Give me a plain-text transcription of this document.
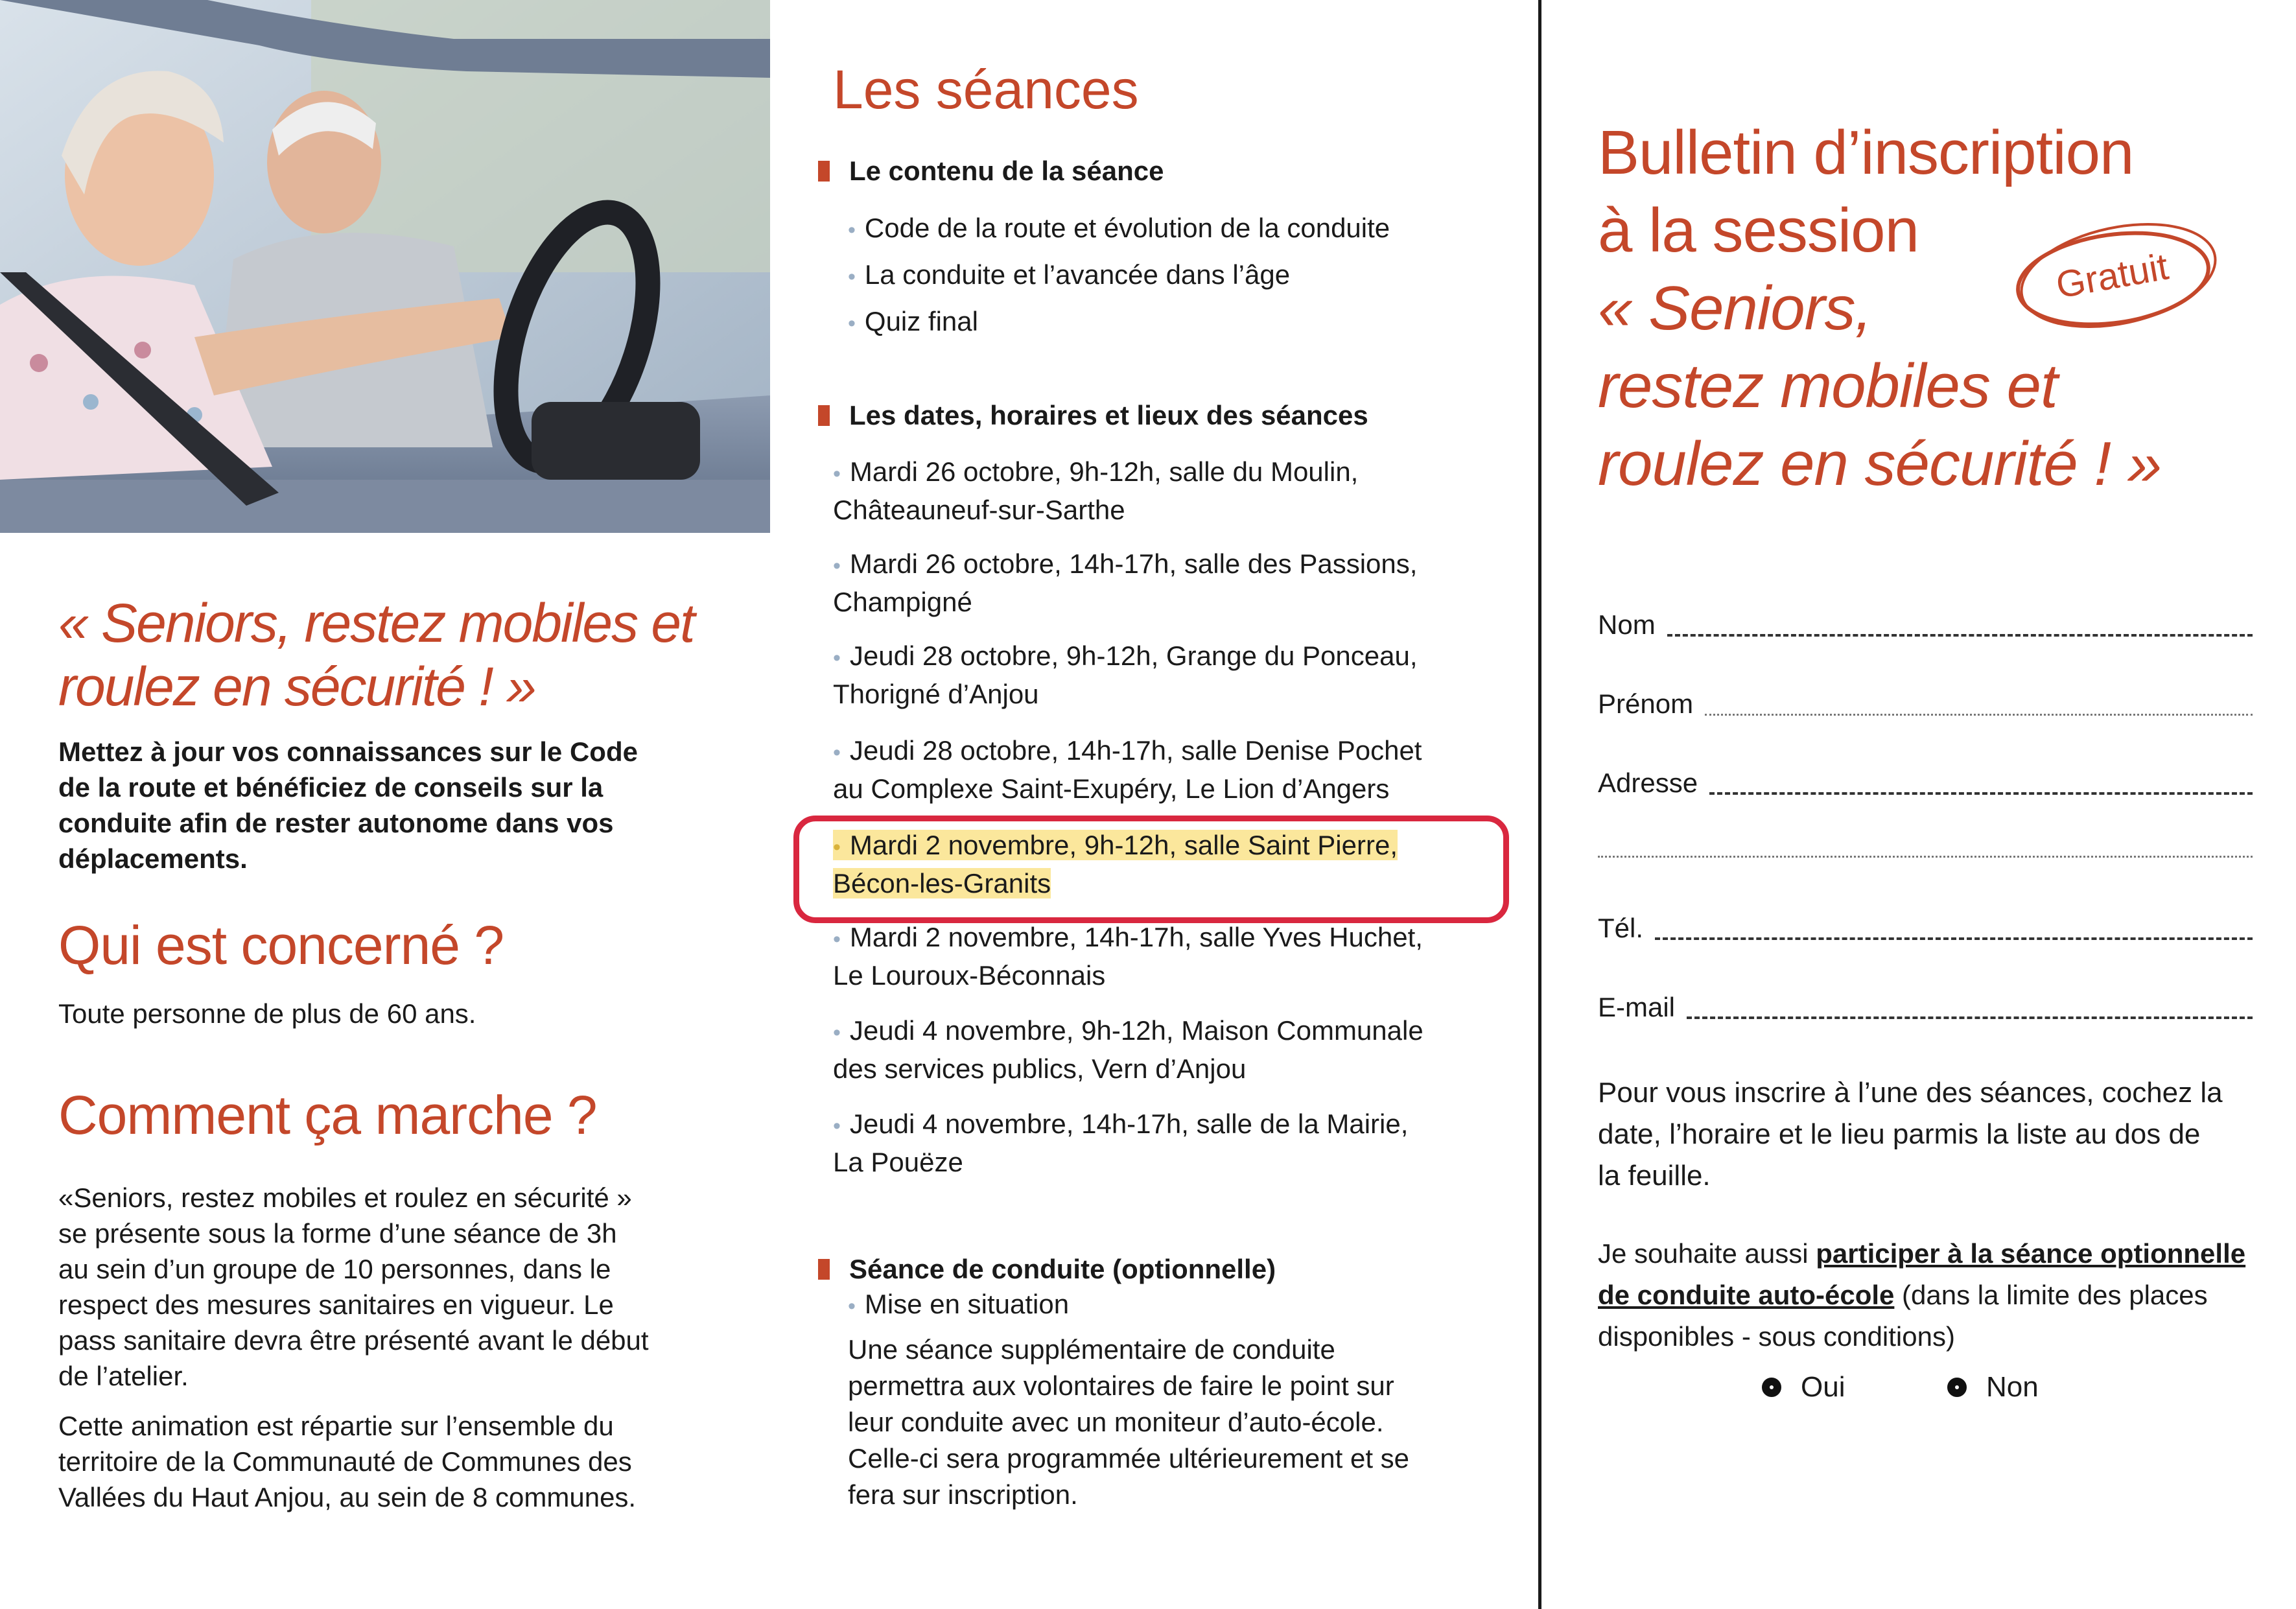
« Seniors, restez mobiles et
roulez en sécurité ! »
Mettez à jour vos connaissances sur le Code
de la route et bénéficiez de conseils sur la
conduite afin de rester autonome dans vos
déplacements.
Qui est concerné ?
Toute personne de plus de 60 ans.
Comment ça marche ?
«Seniors, restez mobiles et roulez en sécurité »
se présente sous la forme d’une séance de 3h
au sein d’un groupe de 10 personnes, dans le
respect des mesures sanitaires en vigueur. Le
pass sanitaire devra être présenté avant le début
de l’atelier.
Cette animation est répartie sur l’ensemble du
territoire de la Communauté de Communes des
Vallées du Haut Anjou, au sein de 8 communes.
Les séances
Le contenu de la séance
• Code de la route et évolution de la conduite
• La conduite et l’avancée dans l’âge
• Quiz final
Les dates, horaires et lieux des séances
• Mardi 26 octobre, 9h-12h, salle du Moulin,
Châteauneuf-sur-Sarthe
• Mardi 26 octobre, 14h-17h, salle des Passions,
Champigné
• Jeudi 28 octobre, 9h-12h, Grange du Ponceau,
Thorigné d’Anjou
• Jeudi 28 octobre, 14h-17h, salle Denise Pochet
au Complexe Saint-Exupéry, Le Lion d’Angers
• Mardi 2 novembre, 9h-12h, salle Saint Pierre,
Bécon-les-Granits
• Mardi 2 novembre, 14h-17h, salle Yves Huchet,
Le Louroux-Béconnais
• Jeudi 4 novembre, 9h-12h, Maison Communale
des services publics, Vern d’Anjou
• Jeudi 4 novembre, 14h-17h, salle de la Mairie,
La Pouëze
Séance de conduite (optionnelle)
• Mise en situation
Une séance supplémentaire de conduite
permettra aux volontaires de faire le point sur
leur conduite avec un moniteur d’auto-école.
Celle-ci sera programmée ultérieurement et se
fera sur inscription.
Bulletin d’inscription
à la session
« Seniors,
restez mobiles et
roulez en sécurité ! »
Gratuit
Nom
Prénom
Adresse
Tél.
E-mail
Pour vous inscrire à l’une des séances, cochez la
date, l’horaire et le lieu parmis la liste au dos de
la feuille.
Je souhaite aussi participer à la séance optionnelle
de conduite auto-école (dans la limite des places
disponibles - sous conditions)
Oui	Non
